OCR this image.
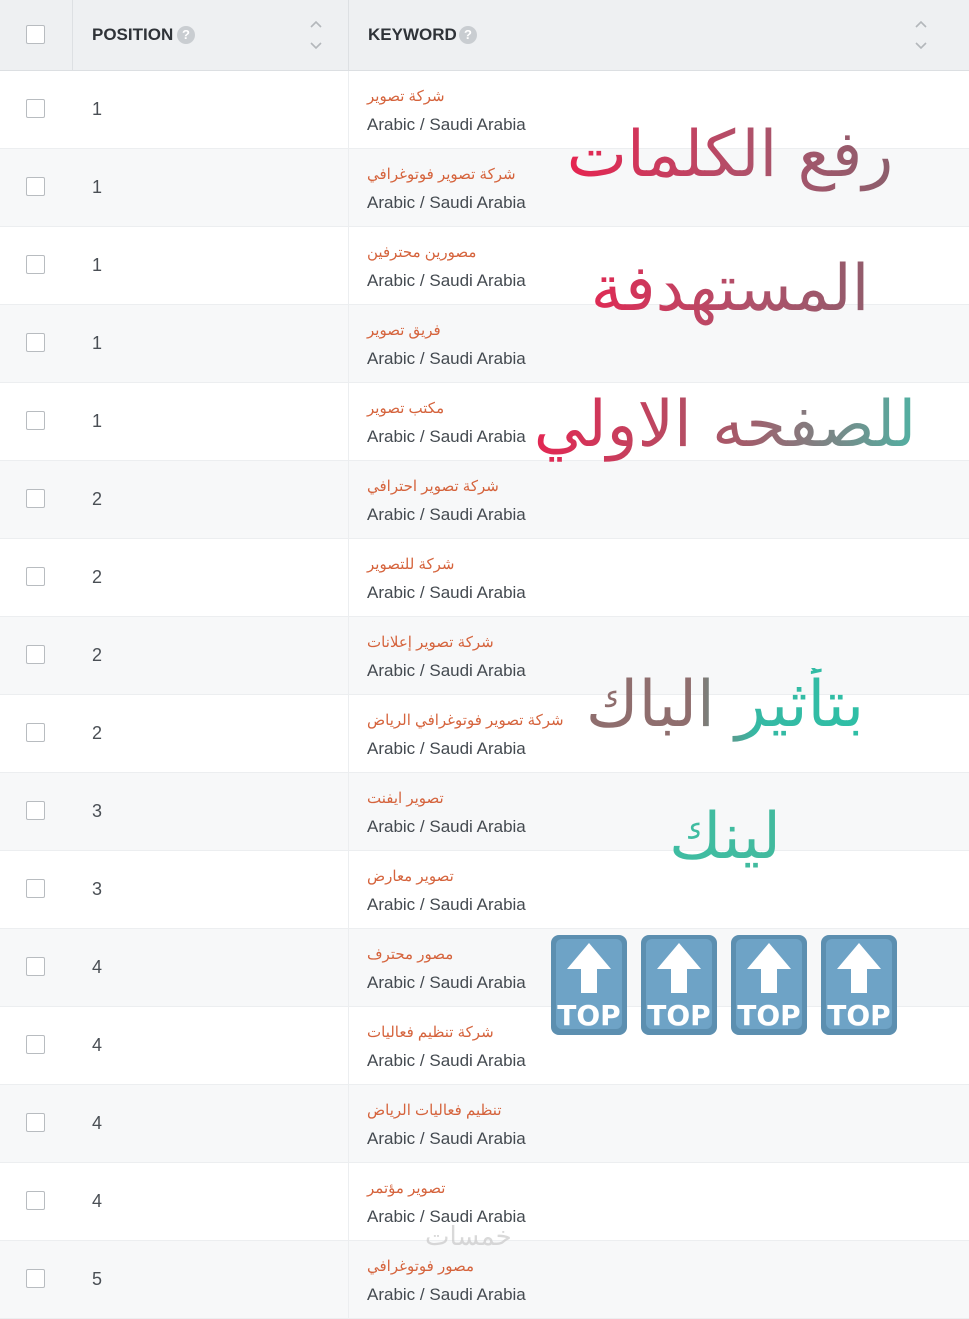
POSITION ?	KEYWORD ?
1
شركة تصوير
Arabic / Saudi Arabia
1
شركة تصوير فوتوغرافي
Arabic / Saudi Arabia
1
مصورين محترفين
Arabic / Saudi Arabia
1
فريق تصوير
Arabic / Saudi Arabia
1
مكتب تصوير
Arabic / Saudi Arabia
2
شركة تصوير احترافي
Arabic / Saudi Arabia
2
شركة للتصوير
Arabic / Saudi Arabia
2
شركة تصوير إعلانات
Arabic / Saudi Arabia
2
شركة تصوير فوتوغرافي الرياض
Arabic / Saudi Arabia
3
تصوير ايفنت
Arabic / Saudi Arabia
3
تصوير معارض
Arabic / Saudi Arabia
4
مصور محترف
Arabic / Saudi Arabia
4
شركة تنظيم فعاليات
Arabic / Saudi Arabia
4
تنظيم فعاليات الرياض
Arabic / Saudi Arabia
4
تصوير مؤتمر
Arabic / Saudi Arabia
5
مصور فوتوغرافي
Arabic / Saudi Arabia
رفع الكلمات
المستهدفة
للصفحه الاولي
بتأثير الباك
لينك
TOP TOP TOP TOP
خمسات
